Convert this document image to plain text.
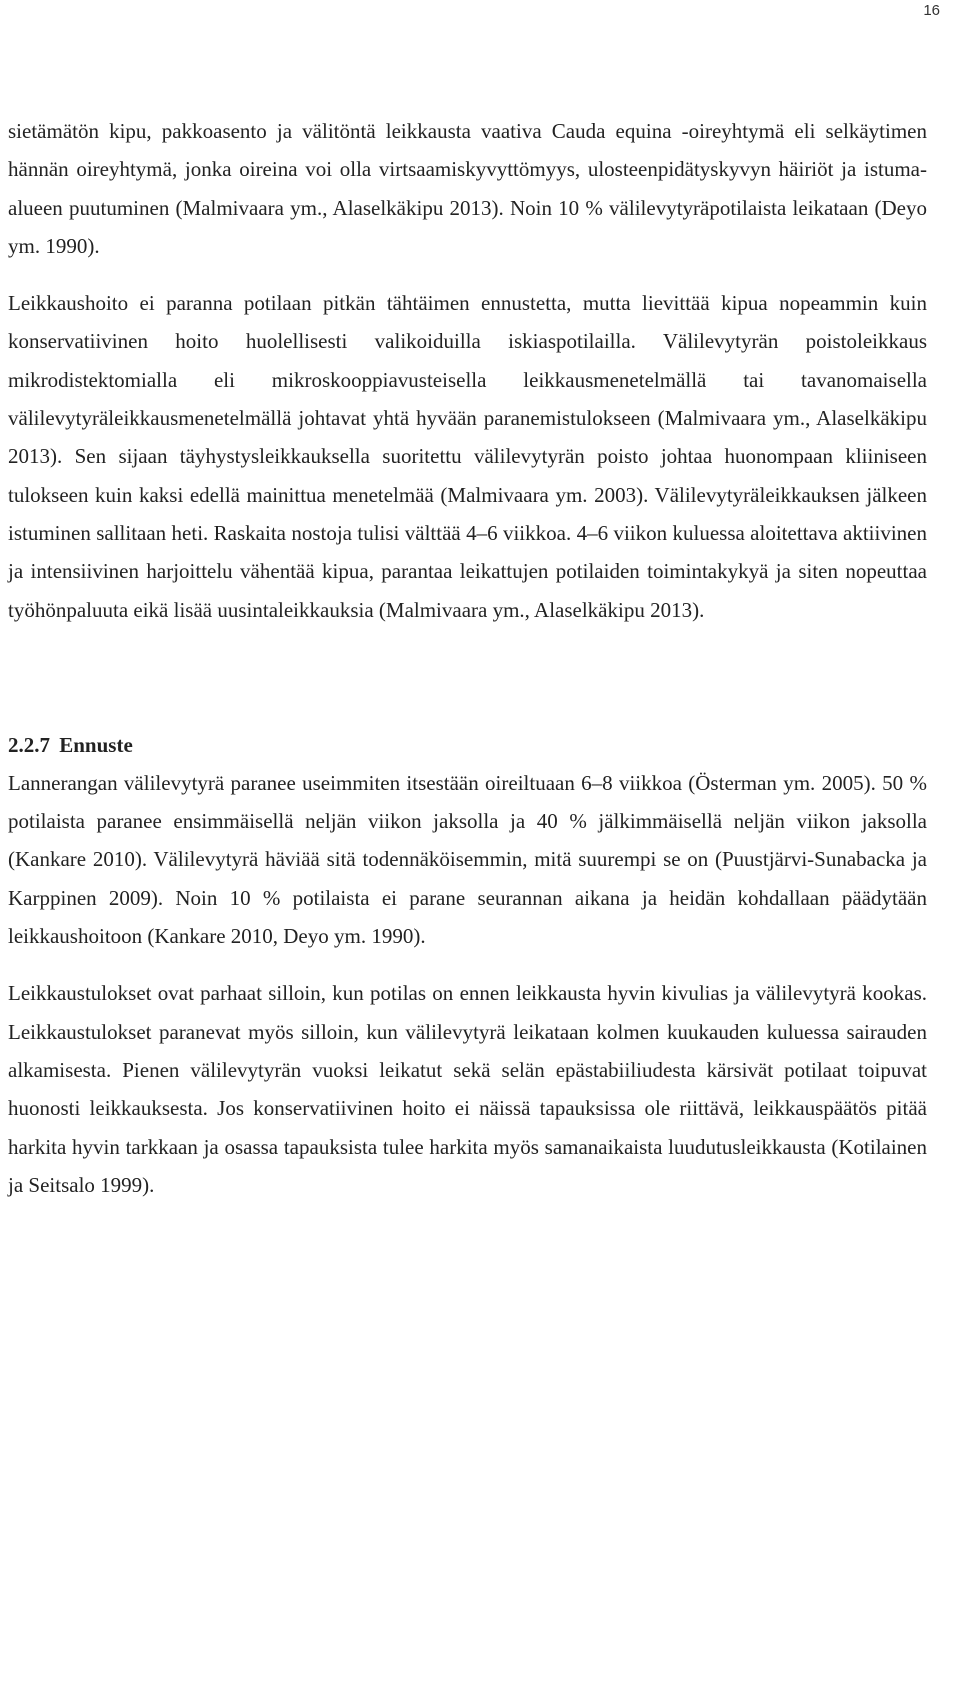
16

sietämätön kipu, pakkoasento ja välitöntä leikkausta vaativa Cauda equina -oireyhtymä eli selkäytimen hännän oireyhtymä, jonka oireina voi olla virtsaamiskyvyttömyys, ulosteenpidätyskyvyn häiriöt ja istuma-alueen puutuminen (Malmivaara ym., Alaselkäkipu 2013). Noin 10 % välilevytyräpotilaista leikataan (Deyo ym. 1990).

Leikkaushoito ei paranna potilaan pitkän tähtäimen ennustetta, mutta lievittää kipua nopeammin kuin konservatiivinen hoito huolellisesti valikoiduilla iskiaspotilailla. Välilevytyrän poistoleikkaus mikrodistektomialla eli mikroskooppiavusteisella leikkausmenetelmällä tai tavanomaisella välilevytyräleikkausmenetelmällä johtavat yhtä hyvään paranemistulokseen (Malmivaara ym., Alaselkäkipu 2013). Sen sijaan täyhystysleikkauksella suoritettu välilevytyrän poisto johtaa huonompaan kliiniseen tulokseen kuin kaksi edellä mainittua menetelmää (Malmivaara ym. 2003). Välilevytyräleikkauksen jälkeen istuminen sallitaan heti. Raskaita nostoja tulisi välttää 4–6 viikkoa. 4–6 viikon kuluessa aloitettava aktiivinen ja intensiivinen harjoittelu vähentää kipua, parantaa leikattujen potilaiden toimintakykyä ja siten nopeuttaa työhönpaluuta eikä lisää uusintaleikkauksia (Malmivaara ym., Alaselkäkipu 2013).

2.2.7 Ennuste

Lannerangan välilevytyrä paranee useimmiten itsestään oireiltuaan 6–8 viikkoa (Österman ym. 2005). 50 % potilaista paranee ensimmäisellä neljän viikon jaksolla ja 40 % jälkimmäisellä neljän viikon jaksolla (Kankare 2010). Välilevytyrä häviää sitä todennäköisemmin, mitä suurempi se on (Puustjärvi-Sunabacka ja Karppinen 2009). Noin 10 % potilaista ei parane seurannan aikana ja heidän kohdallaan päädytään leikkaushoitoon (Kankare 2010, Deyo ym. 1990).

Leikkaustulokset ovat parhaat silloin, kun potilas on ennen leikkausta hyvin kivulias ja välilevytyrä kookas. Leikkaustulokset paranevat myös silloin, kun välilevytyrä leikataan kolmen kuukauden kuluessa sairauden alkamisesta. Pienen välilevytyrän vuoksi leikatut sekä selän epästabiiliudesta kärsivät potilaat toipuvat huonosti leikkauksesta. Jos konservatiivinen hoito ei näissä tapauksissa ole riittävä, leikkauspäätös pitää harkita hyvin tarkkaan ja osassa tapauksista tulee harkita myös samanaikaista luudutusleikkausta (Kotilainen ja Seitsalo 1999).
